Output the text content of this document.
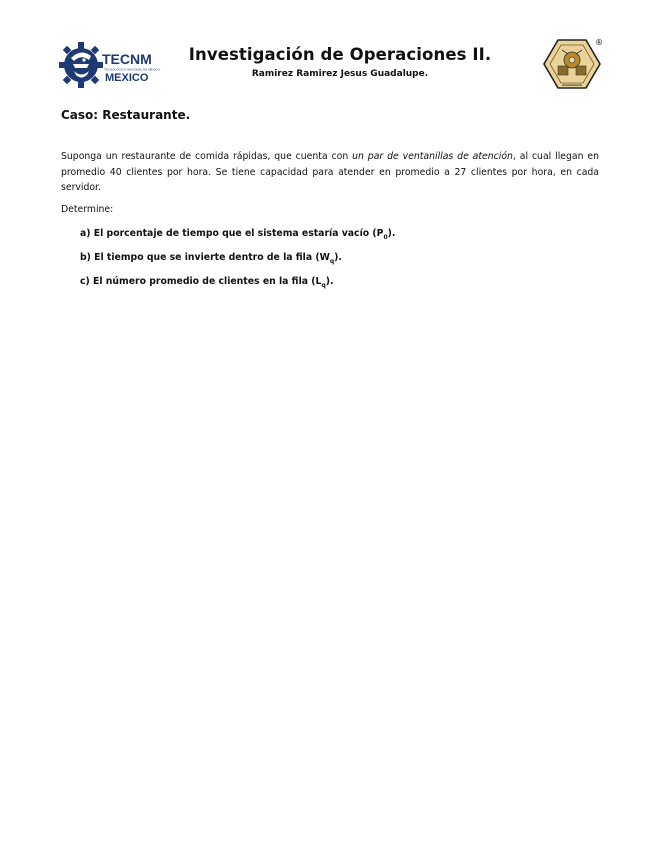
TECNM
TECNOLÓGICO NACIONAL DE MÉXICO
MEXICO
Investigación de Operaciones II.
Ramirez Ramirez Jesus Guadalupe.
®
Caso: Restaurante.

Suponga un restaurante de comida rápidas, que cuenta con un par de ventanillas de atención, al cual llegan en promedio 40 clientes por hora. Se tiene capacidad para atender en promedio a 27 clientes por hora, en cada servidor.

Determine:
a) El porcentaje de tiempo que el sistema estaría vacío $(P_0)$.
b) El tiempo que se invierte dentro de la fila $(W_q)$.
c) El número promedio de clientes en la fila $(L_q)$.
